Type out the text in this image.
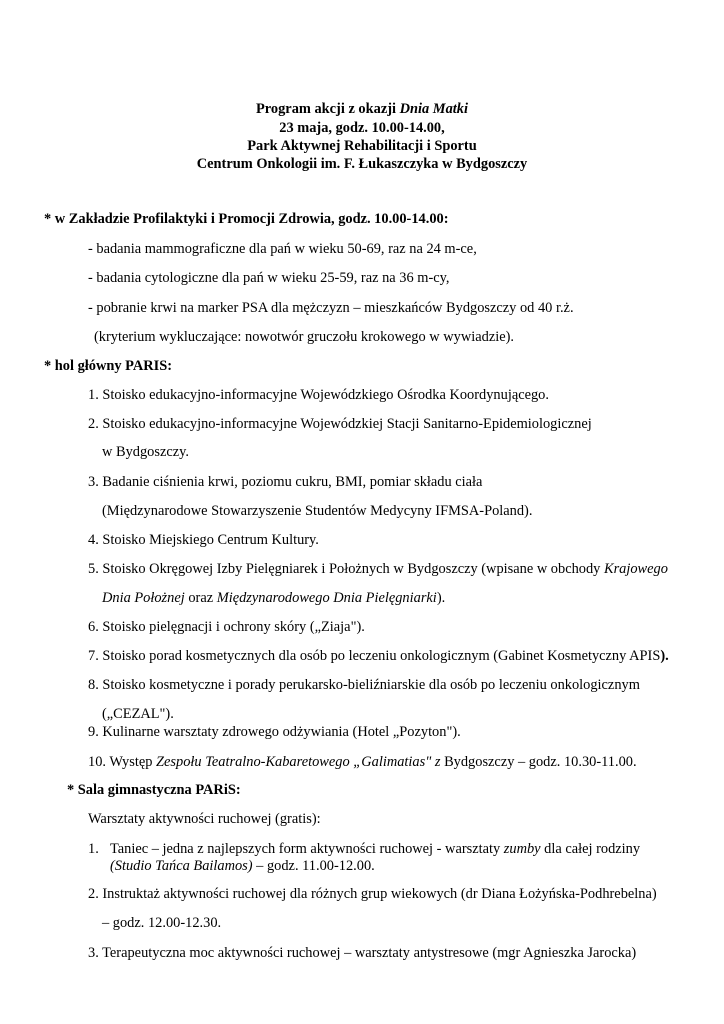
Program akcji z okazji Dnia Matki
23 maja, godz. 10.00-14.00,
Park Aktywnej Rehabilitacji i Sportu
Centrum Onkologii im. F. Łukaszczyka w Bydgoszczy
* w Zakładzie Profilaktyki i Promocji Zdrowia, godz. 10.00-14.00:
- badania mammograficzne dla pań w wieku 50-69, raz na 24 m-ce,
- badania cytologiczne dla pań w wieku 25-59, raz na 36 m-cy,
- pobranie krwi na marker PSA dla mężczyzn – mieszkańców Bydgoszczy od 40 r.ż.
(kryterium wykluczające: nowotwór gruczołu krokowego w wywiadzie).
* hol główny PARIS:
1. Stoisko edukacyjno-informacyjne Wojewódzkiego Ośrodka Koordynującego.
2. Stoisko edukacyjno-informacyjne Wojewódzkiej Stacji Sanitarno-Epidemiologicznej
w Bydgoszczy.
3. Badanie ciśnienia krwi, poziomu cukru, BMI, pomiar składu ciała
(Międzynarodowe Stowarzyszenie Studentów Medycyny IFMSA-Poland).
4. Stoisko Miejskiego Centrum Kultury.
5. Stoisko Okręgowej Izby Pielęgniarek i Położnych w Bydgoszczy (wpisane w obchody Krajowego
Dnia Położnej oraz Międzynarodowego Dnia Pielęgniarki).
6. Stoisko pielęgnacji i ochrony skóry („Ziaja").
7. Stoisko porad kosmetycznych dla osób po leczeniu onkologicznym (Gabinet Kosmetyczny APIS).
8. Stoisko kosmetyczne i porady perukarsko-bieliźniarskie dla osób po leczeniu onkologicznym
(„CEZAL").
9. Kulinarne warsztaty zdrowego odżywiania (Hotel „Pozyton").
10. Występ Zespołu Teatralno-Kabaretowego „Galimatias" z Bydgoszczy – godz. 10.30-11.00.
* Sala gimnastyczna PARiS:
Warsztaty aktywności ruchowej (gratis):
1. Taniec – jedna z najlepszych form aktywności ruchowej - warsztaty zumby dla całej rodziny
(Studio Tańca Bailamos) – godz. 11.00-12.00.
2. Instruktaż aktywności ruchowej dla różnych grup wiekowych (dr Diana Łożyńska-Podhrebelna)
– godz. 12.00-12.30.
3. Terapeutyczna moc aktywności ruchowej – warsztaty antystresowe (mgr Agnieszka Jarocka)
